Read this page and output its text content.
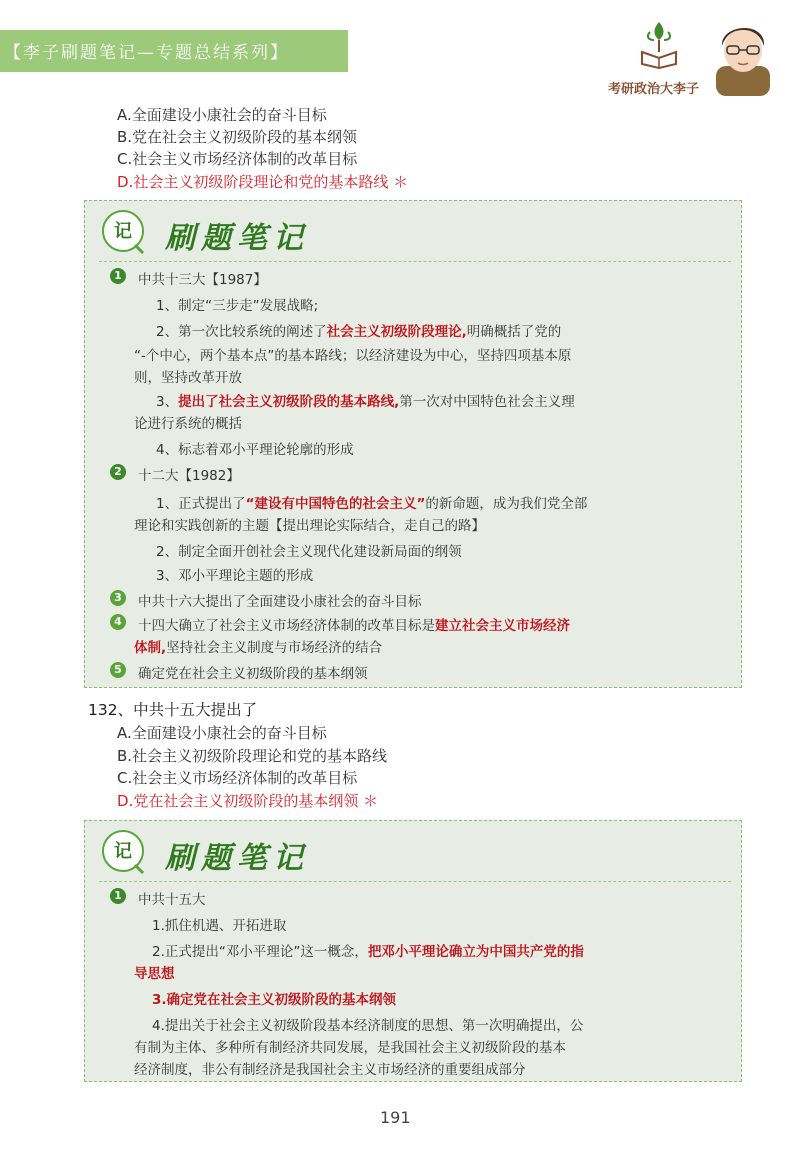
【李子刷题笔记—专题总结系列】
考研政治大李子
A.全面建设小康社会的奋斗目标
B.党在社会主义初级阶段的基本纲领
C.社会主义市场经济体制的改革目标
D.社会主义初级阶段理论和党的基本路线 ＊
记 刷题笔记
1	中共十三大【1987】
1、制定“三步走”发展战略;
2、第一次比较系统的阐述了社会主义初级阶段理论,明确概括了党的
“-个中心，两个基本点”的基本路线；以经济建设为中心，坚持四项基本原
则，坚持改革开放
3、提出了社会主义初级阶段的基本路线,第一次对中国特色社会主义理
论进行系统的概括
4、标志着邓小平理论轮廓的形成
2	十二大【1982】
1、正式提出了“建设有中国特色的社会主义”的新命题，成为我们党全部
理论和实践创新的主题【提出理论实际结合，走自己的路】
2、制定全面开创社会主义现代化建设新局面的纲领
3、邓小平理论主题的形成
3	中共十六大提出了全面建设小康社会的奋斗目标
4	十四大确立了社会主义市场经济体制的改革目标是建立社会主义市场经济
体制,坚持社会主义制度与市场经济的结合
5	确定党在社会主义初级阶段的基本纲领
132、中共十五大提出了
A.全面建设小康社会的奋斗目标
B.社会主义初级阶段理论和党的基本路线
C.社会主义市场经济体制的改革目标
D.党在社会主义初级阶段的基本纲领 ＊
记 刷题笔记
1	中共十五大
1.抓住机遇、开拓进取
2.正式提出“邓小平理论”这一概念，把邓小平理论确立为中国共产党的指
导思想
3.确定党在社会主义初级阶段的基本纲领
4.提出关于社会主义初级阶段基本经济制度的思想、第一次明确提出，公
有制为主体、多种所有制经济共同发展，是我国社会主义初级阶段的基本
经济制度，非公有制经济是我国社会主义市场经济的重要组成部分
191
